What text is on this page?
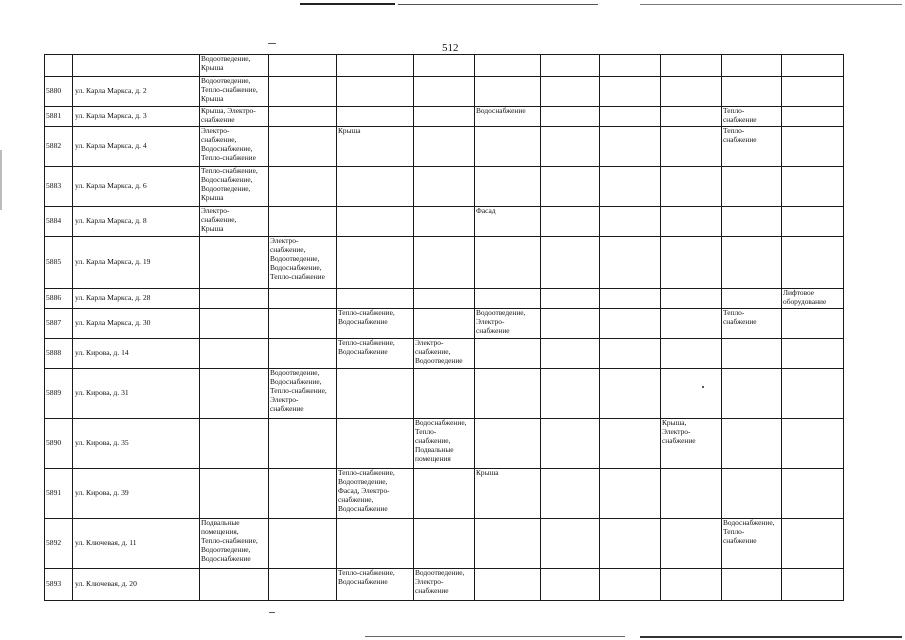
512
		Водоотведение,
Крыша									
5880	ул. Карла Маркса, д. 2	Водоотведение,
Тепло-снабжение,
Крыша									
5881	ул. Карла Маркса, д. 3	Крыша, Электро-
снабжение				Водоснабжение				Тепло-
снабжение	
5882	ул. Карла Маркса, д. 4	Электро-
снабжение,
Водоснабжение,
Тепло-снабжение		Крыша						Тепло-
снабжение	
5883	ул. Карла Маркса, д. 6	Тепло-снабжение,
Водоснабжение,
Водоотведение,
Крыша									
5884	ул. Карла Маркса, д. 8	Электро-
снабжение,
Крыша				Фасад					
5885	ул. Карла Маркса, д. 19		Электро-
снабжение,
Водоотведение,
Водоснабжение,
Тепло-снабжение								
5886	ул. Карла Маркса, д. 28										Лифтовое
оборудование
5887	ул. Карла Маркса, д. 30			Тепло-снабжение,
Водоснабжение		Водоотведение,
Электро-
снабжение				Тепло-
снабжение	
5888	ул. Кирова, д. 14			Тепло-снабжение,
Водоснабжение	Электро-
снабжение,
Водоотведение						
5889	ул. Кирова, д. 31		Водоотведение,
Водоснабжение,
Тепло-снабжение,
Электро-
снабжение								
5890	ул. Кирова, д. 35				Водоснабжение,
Тепло-
снабжение,
Подвальные
помещения				Крыша,
Электро-
снабжение		
5891	ул. Кирова, д. 39			Тепло-снабжение,
Водоотведение,
Фасад, Электро-
снабжение,
Водоснабжение		Крыша					
5892	ул. Ключевая, д. 11	Подвальные
помещения,
Тепло-снабжение,
Водоотведение,
Водоснабжение								Водоснабжение,
Тепло-
снабжение	
5893	ул. Ключевая, д. 20			Тепло-снабжение,
Водоснабжение	Водоотведение,
Электро-
снабжение						
